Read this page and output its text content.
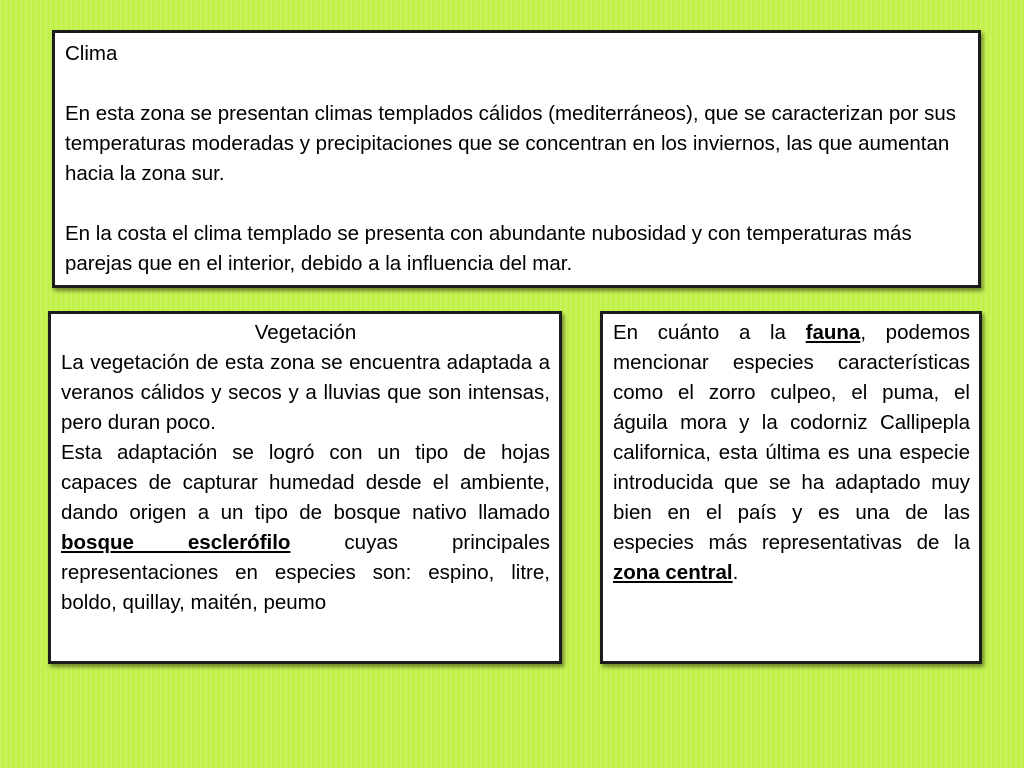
Clima

En esta zona se presentan climas templados cálidos (mediterráneos), que se caracterizan por sus temperaturas moderadas y precipitaciones que se concentran en los inviernos, las que aumentan hacia la zona sur.

En la costa el clima templado se presenta con abundante nubosidad y con temperaturas más parejas que en el interior, debido a la influencia del mar.

Vegetación

La vegetación de esta zona se encuentra adaptada a veranos cálidos y secos y a lluvias que son intensas, pero duran poco.

Esta adaptación se logró con un tipo de hojas capaces de capturar humedad desde el ambiente, dando origen a un tipo de bosque nativo llamado bosque esclerófilo cuyas principales representaciones en especies son: espino, litre, boldo, quillay, maitén, peumo

En cuánto a la fauna, podemos mencionar especies características como el zorro culpeo, el puma, el águila mora y la codorniz Callipepla californica, esta última es una especie introducida que se ha adaptado muy bien en el país y es una de las especies más representativas de la zona central.
